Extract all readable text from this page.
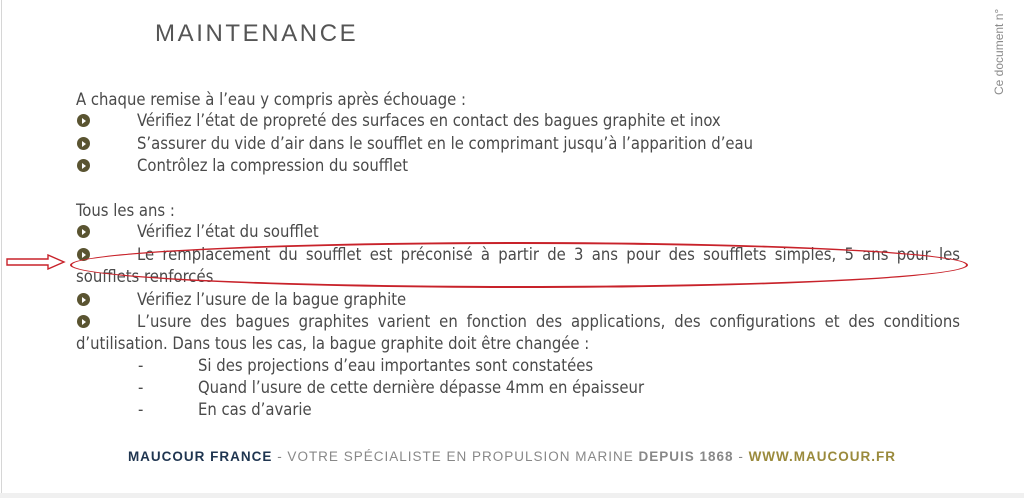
MAINTENANCE	Ce document n°
A chaque remise à l’eau y compris après échouage :
Vérifiez l’état de propreté des surfaces en contact des bagues graphite et inox
S’assurer du vide d’air dans le soufflet en le comprimant jusqu’à l’apparition d’eau
Contrôlez la compression du soufflet
Tous les ans :
Vérifiez l’état du soufflet
Le remplacement du soufflet est préconisé à partir de 3 ans pour des soufflets simples, 5 ans pour les
soufflets renforcés
Vérifiez l’usure de la bague graphite
L’usure des bagues graphites varient en fonction des applications, des configurations et des conditions
d’utilisation. Dans tous les cas, la bague graphite doit être changée :
-	Si des projections d’eau importantes sont constatées
-	Quand l’usure de cette dernière dépasse 4mm en épaisseur
-	En cas d’avarie
MAUCOUR FRANCE - VOTRE SPÉCIALISTE EN PROPULSION MARINE DEPUIS 1868 - WWW.MAUCOUR.FR
